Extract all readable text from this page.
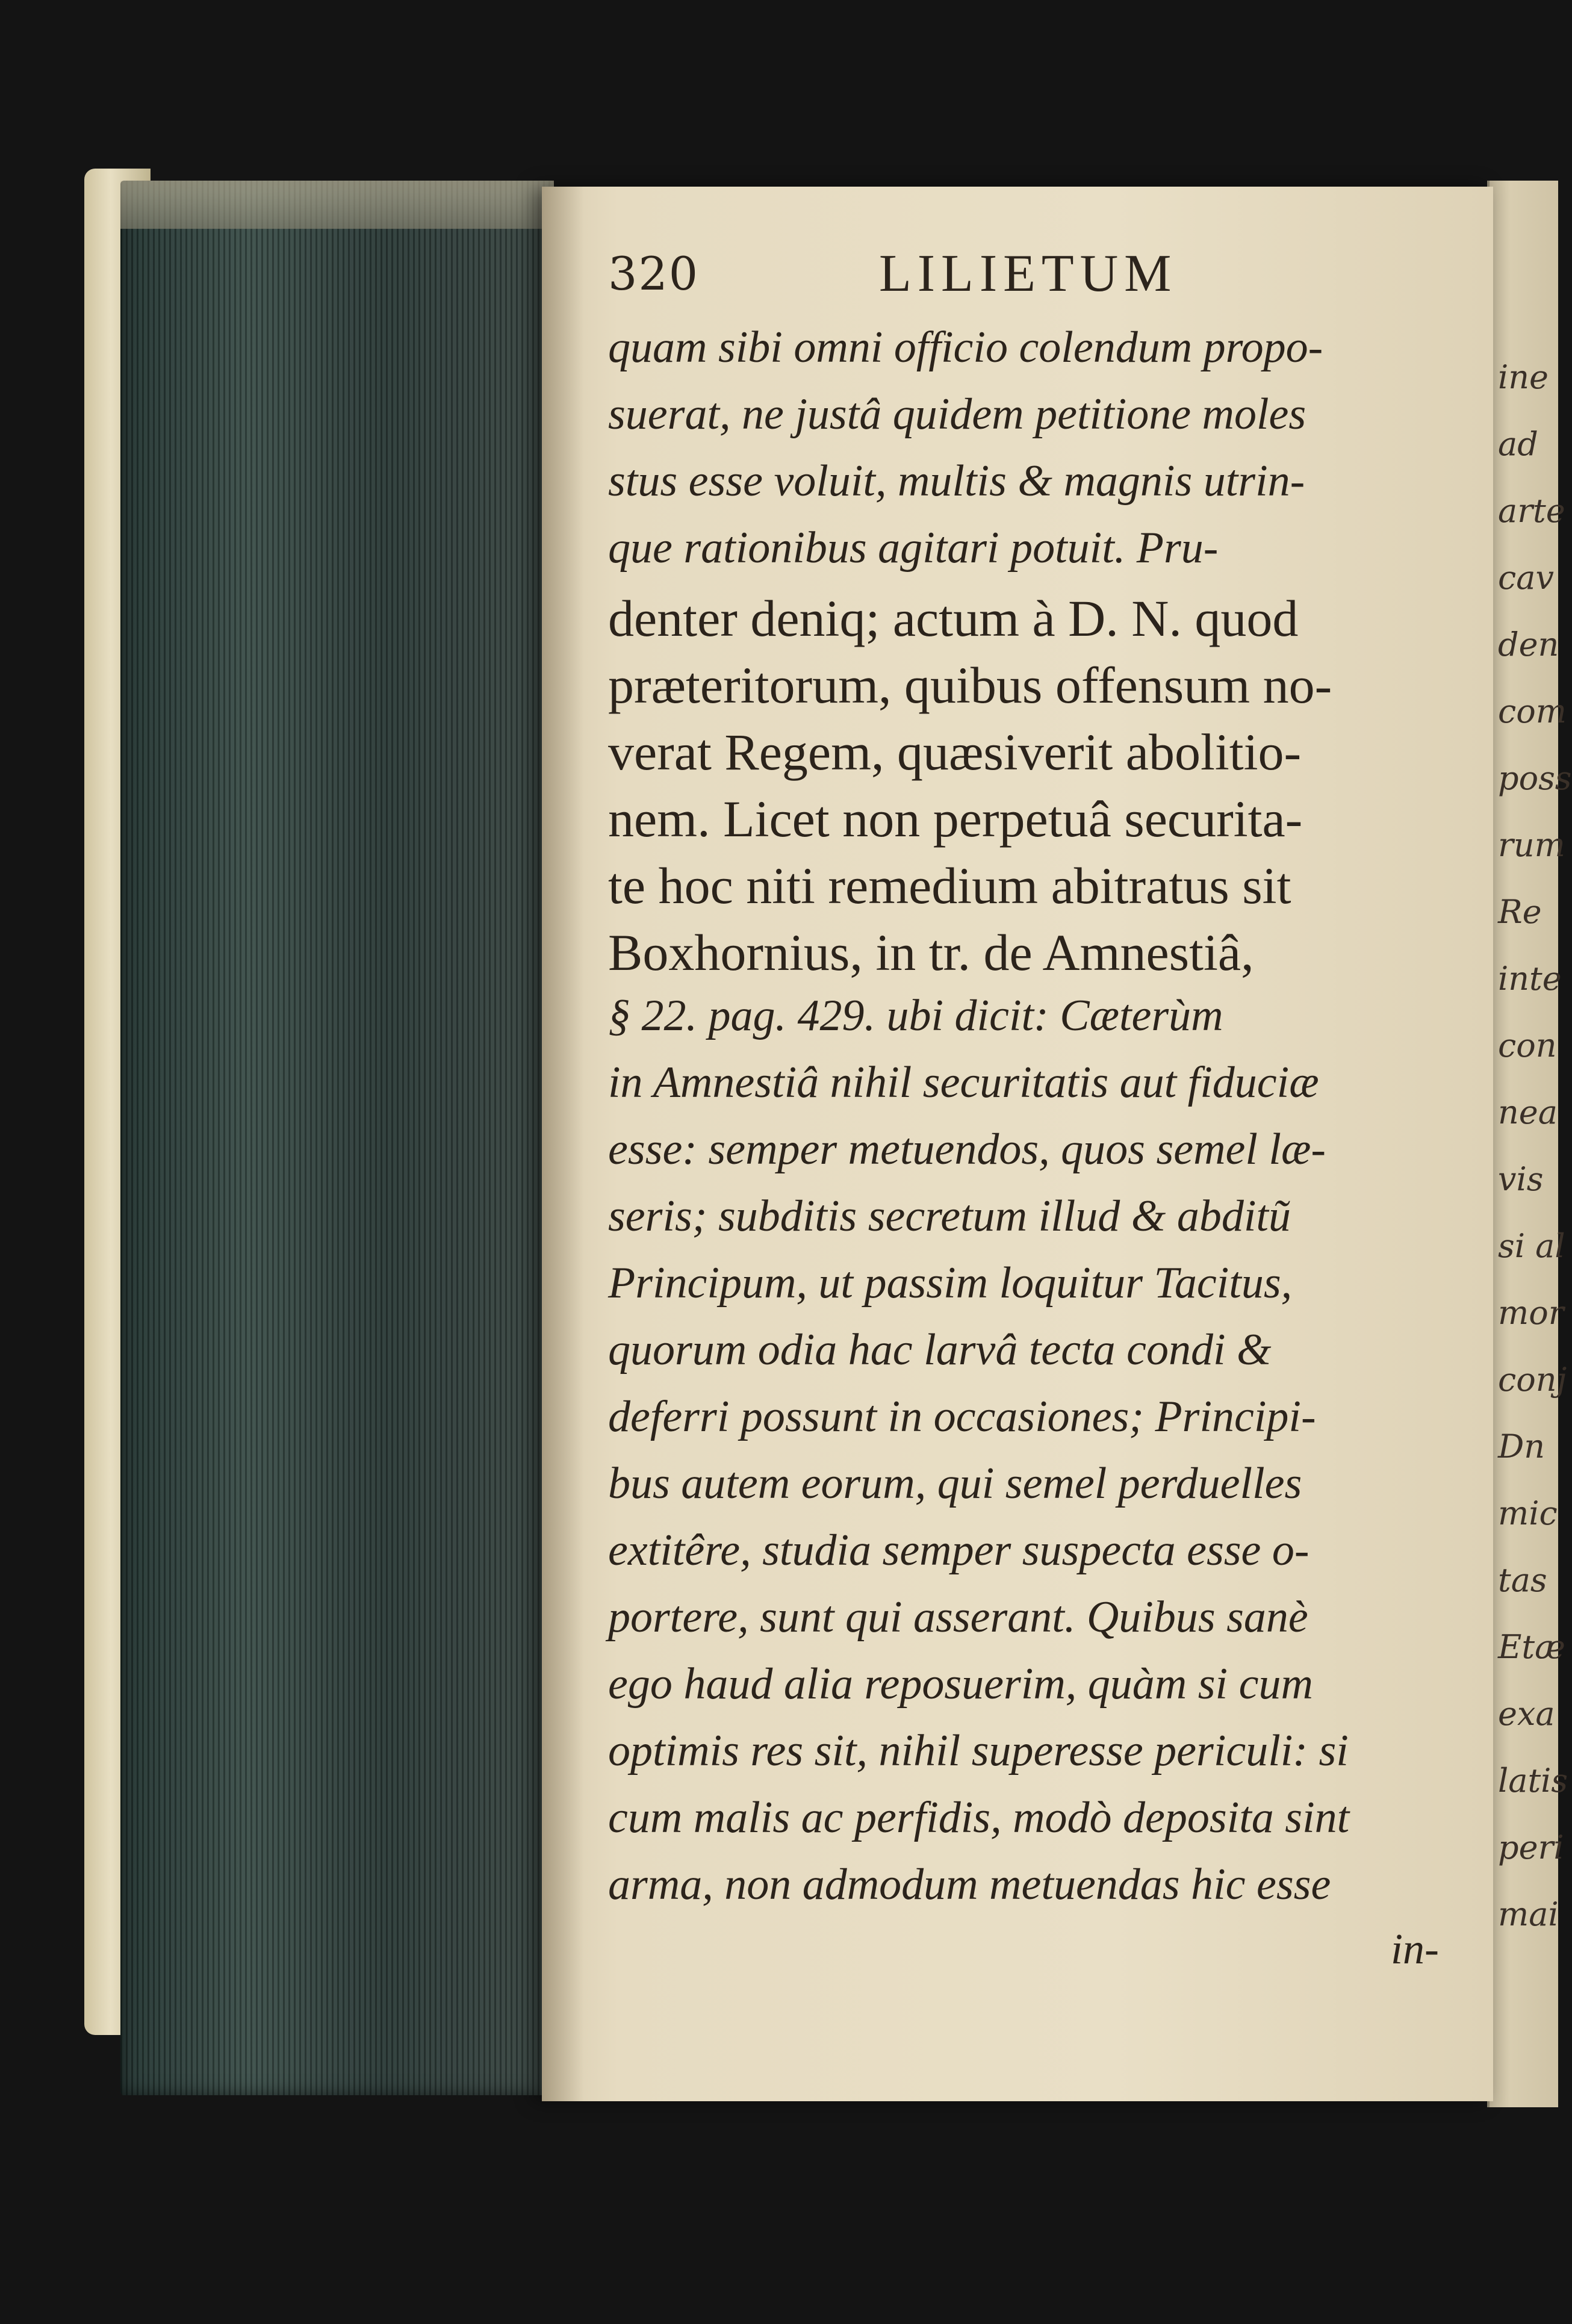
ine
ad
arte
cav
den
com
poss
rum
Re
inte
con
nea
vis
si al
mor
conj
Dn
mic
tas
Etæ
exa
latis
peri
mai
320	LILIETUM
quam sibi omni officio colendum propo-
suerat, ne justâ quidem petitione moles
stus esse voluit, multis & magnis utrin-
que rationibus agitari potuit. Pru-
denter deniq; actum à D. N. quod
præteritorum, quibus offensum no-
verat Regem, quæsiverit abolitio-
nem. Licet non perpetuâ securita-
te hoc niti remedium abitratus sit
Boxhornius, in tr. de Amnestiâ,
§ 22. pag. 429. ubi dicit: Cæterùm
in Amnestiâ nihil securitatis aut fiduciæ
esse: semper metuendos, quos semel læ-
seris; subditis secretum illud & abditũ
Principum, ut passim loquitur Tacitus,
quorum odia hac larvâ tecta condi &
deferri possunt in occasiones; Principi-
bus autem eorum, qui semel perduelles
extitêre, studia semper suspecta esse o-
portere, sunt qui asserant. Quibus sanè
ego haud alia reposuerim, quàm si cum
optimis res sit, nihil superesse periculi: si
cum malis ac perfidis, modò deposita sint
arma, non admodum metuendas hic esse
in-
